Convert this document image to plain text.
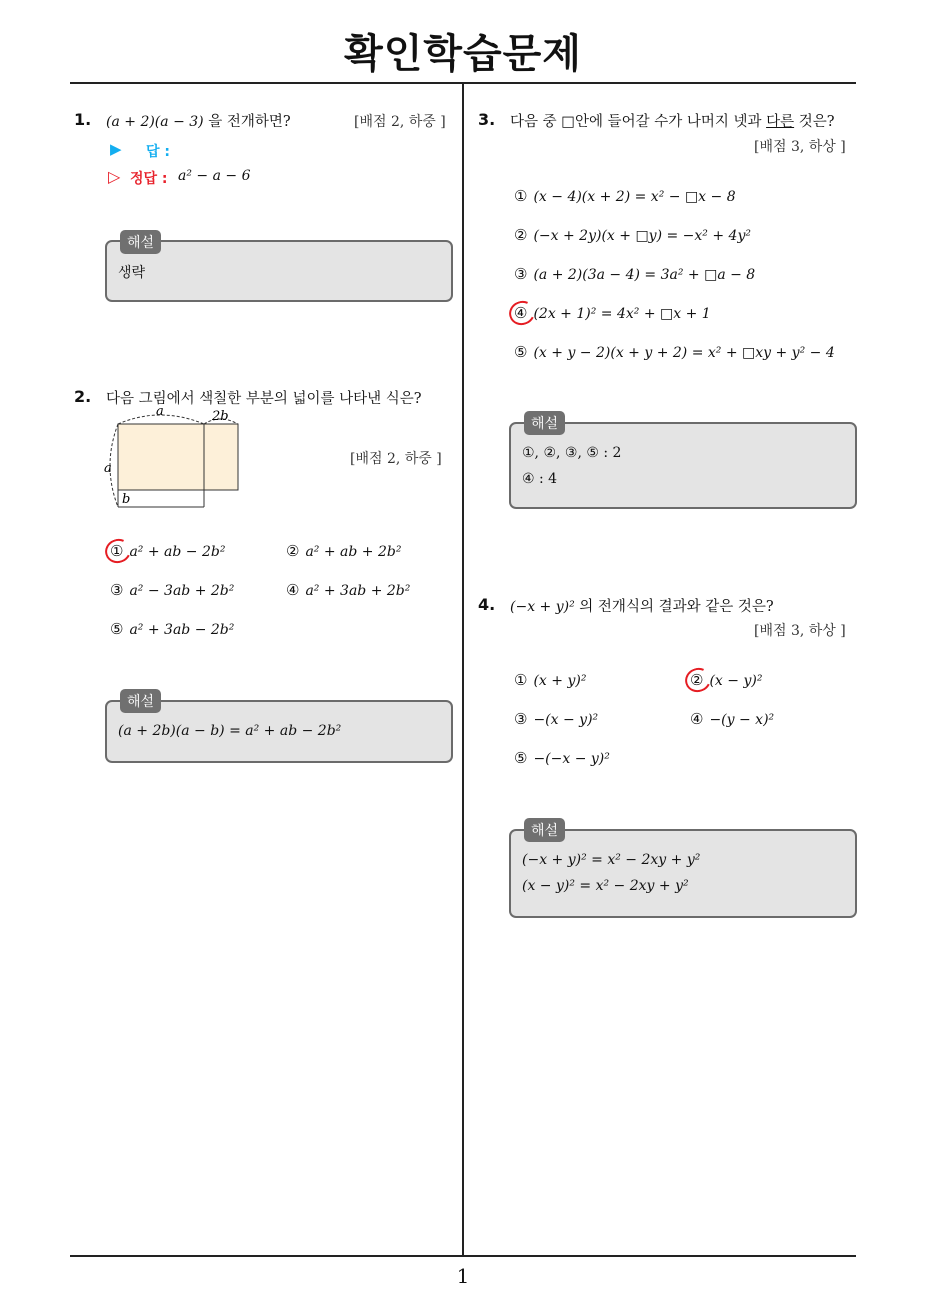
확인학습문제
1. (a + 2)(a − 3) 을 전개하면?	[배점 2, 하중 ]
▶ 답 :
▷ 정답 : a² − a − 6
해설
생략
2. 다음 그림에서 색칠한 부분의 넓이를 나타낸 식은?
a	2b
a
b
[배점 2, 하중 ]
① a² + ab − 2b²	② a² + ab + 2b²
③ a² − 3ab + 2b²	④ a² + 3ab + 2b²
⑤ a² + 3ab − 2b²
해설
(a + 2b)(a − b) = a² + ab − 2b²
3. 다음 중 □안에 들어갈 수가 나머지 넷과 다른 것은?
[배점 3, 하상 ]
① (x − 4)(x + 2) = x² − □x − 8
② (−x + 2y)(x + □y) = −x² + 4y²
③ (a + 2)(3a − 4) = 3a² + □a − 8
④ (2x + 1)² = 4x² + □x + 1
⑤ (x + y − 2)(x + y + 2) = x² + □xy + y² − 4
해설
①, ②, ③, ⑤ : 2
④ : 4
4. (−x + y)² 의 전개식의 결과와 같은 것은?
[배점 3, 하상 ]
① (x + y)²	② (x − y)²
③ −(x − y)²	④ −(y − x)²
⑤ −(−x − y)²
해설
(−x + y)² = x² − 2xy + y²
(x − y)² = x² − 2xy + y²
1
